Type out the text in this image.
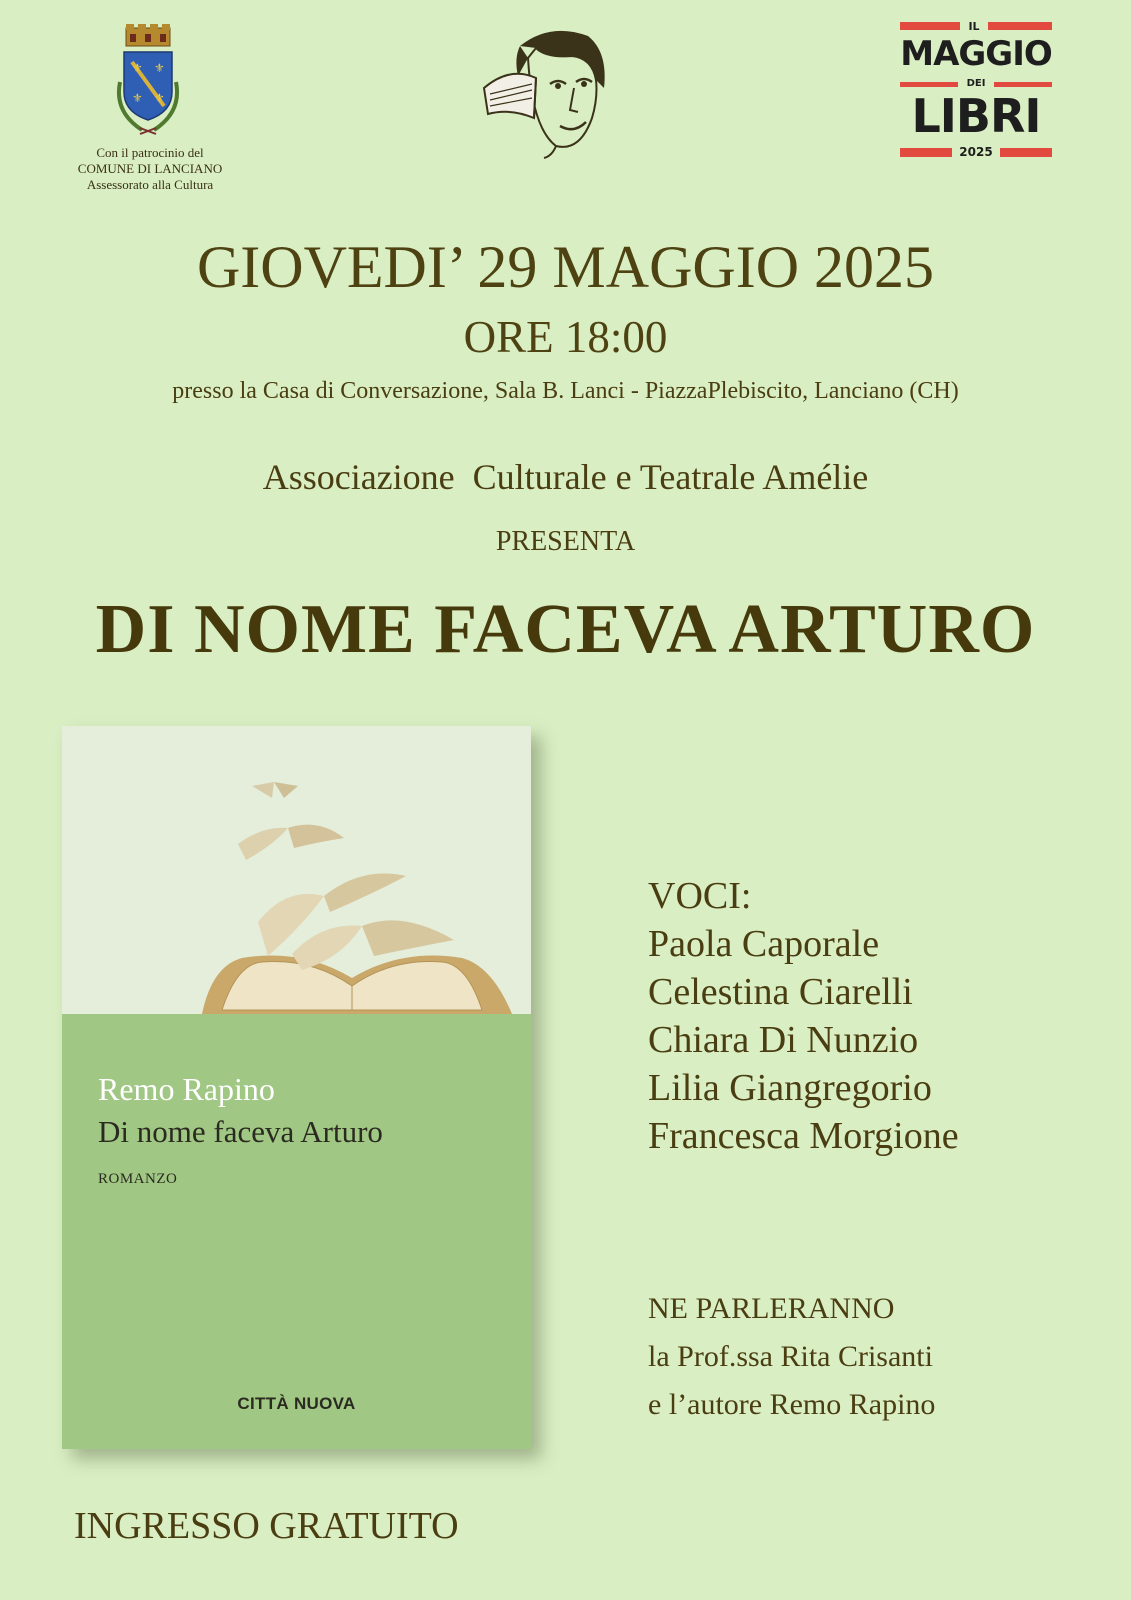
⚜ ⚜
⚜ ⚜
Con il patrocinio del
COMUNE DI LANCIANO
Assessorato alla Cultura
IL
MAGGIO
DEI
LIBRI
2025
GIOVEDI’ 29 MAGGIO 2025
ORE 18:00
presso la Casa di Conversazione, Sala B. Lanci - PiazzaPlebiscito, Lanciano (CH)
Associazione  Culturale e Teatrale Amélie
PRESENTA
DI NOME FACEVA ARTURO
Remo Rapino
Di nome faceva Arturo
ROMANZO
CITTÀ NUOVA
VOCI:
Paola Caporale
Celestina Ciarelli
Chiara Di Nunzio
Lilia Giangregorio
Francesca Morgione
NE PARLERANNO
la Prof.ssa Rita Crisanti
e l’autore Remo Rapino
INGRESSO GRATUITO
